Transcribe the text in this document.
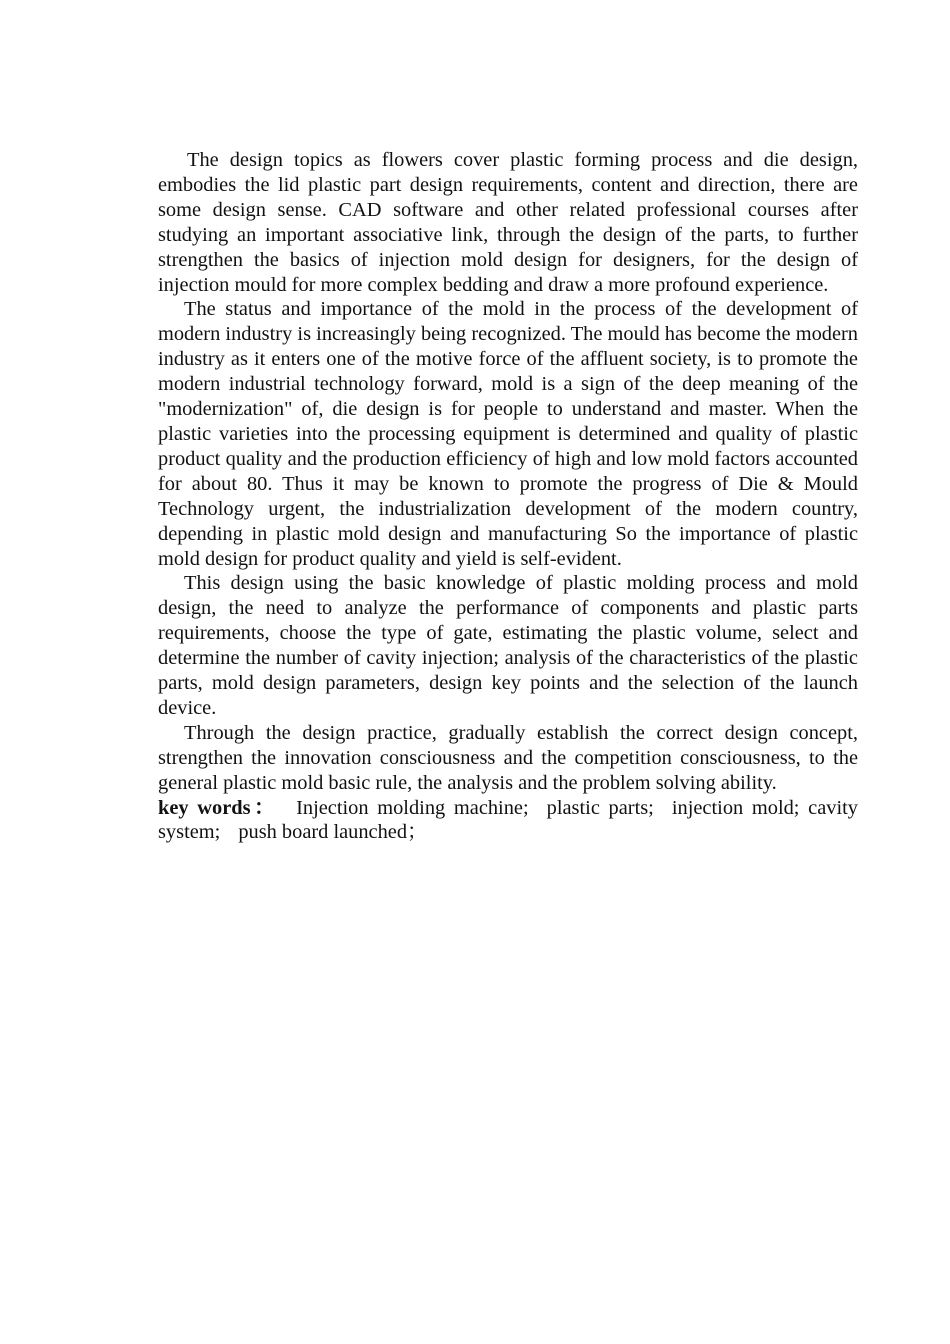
The design topics as flowers cover plastic forming process and die design, embodies the lid plastic part design requirements, content and direction, there are some design sense. CAD software and other related professional courses after studying an important associative link, through the design of the parts, to further strengthen the basics of injection mold design for designers, for the design of injection mould for more complex bedding and draw a more profound experience.

The status and importance of the mold in the process of the development of modern industry is increasingly being recognized. The mould has become the modern industry as it enters one of the motive force of the affluent society, is to promote the modern industrial technology forward, mold is a sign of the deep meaning of the "modernization" of, die design is for people to understand and master. When the plastic varieties into the processing equipment is determined and quality of plastic product quality and the production efficiency of high and low mold factors accounted for about 80. Thus it may be known to promote the progress of Die & Mould Technology urgent, the industrialization development of the modern country, depending in plastic mold design and manufacturing So the importance of plastic mold design for product quality and yield is self-evident.

This design using the basic knowledge of plastic molding process and mold design, the need to analyze the performance of components and plastic parts requirements, choose the type of gate, estimating the plastic volume, select and determine the number of cavity injection; analysis of the characteristics of the plastic parts, mold design parameters, design key points and the selection of the launch device.

Through the design practice, gradually establish the correct design concept, strengthen the innovation consciousness and the competition consciousness, to the general plastic mold basic rule, the analysis and the problem solving ability.

key words： Injection molding machine; plastic parts; injection mold; cavity system; push board launched；
